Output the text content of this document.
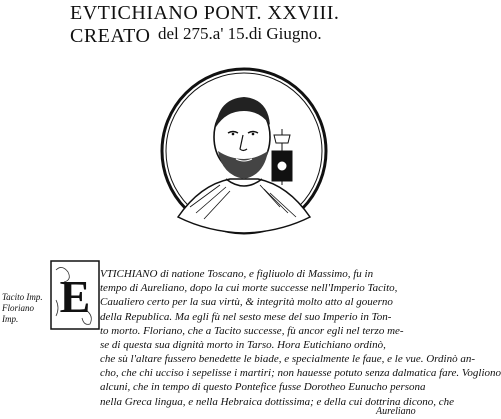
EVTICHIANO PONT. XXVIII. CREATO del 275.a' 15.di Giugno.
Tacito Imp.
Floriano
Imp. E VTICHIANO di natione Toscano, e figliuolo di Massimo, fu in
tempo di Aureliano, dopo la cui morte successe nell'Imperio Tacito,
Caualiero certo per la sua virtù, & integrità molto atto al gouerno
della Republica. Ma egli fù nel sesto mese del suo Imperio in Ton-
to morto. Floriano, che a Tacito successe, fù ancor egli nel terzo me-
se di questa sua dignità morto in Tarso. Hora Eutichiano ordinò,
che sù l'altare fussero benedette le biade, e specialmente le faue, e le vue. Ordinò an-
cho, che chi ucciso i sepelisse i martiri; non hauesse potuto senza dalmatica fare. Vogliono
alcuni, che in tempo di questo Pontefice fusse Dorotheo Eunucho persona
nella Greca lingua, e nella Hebraica dottissima; e della cui dottrina dicono, che
Aureliano
